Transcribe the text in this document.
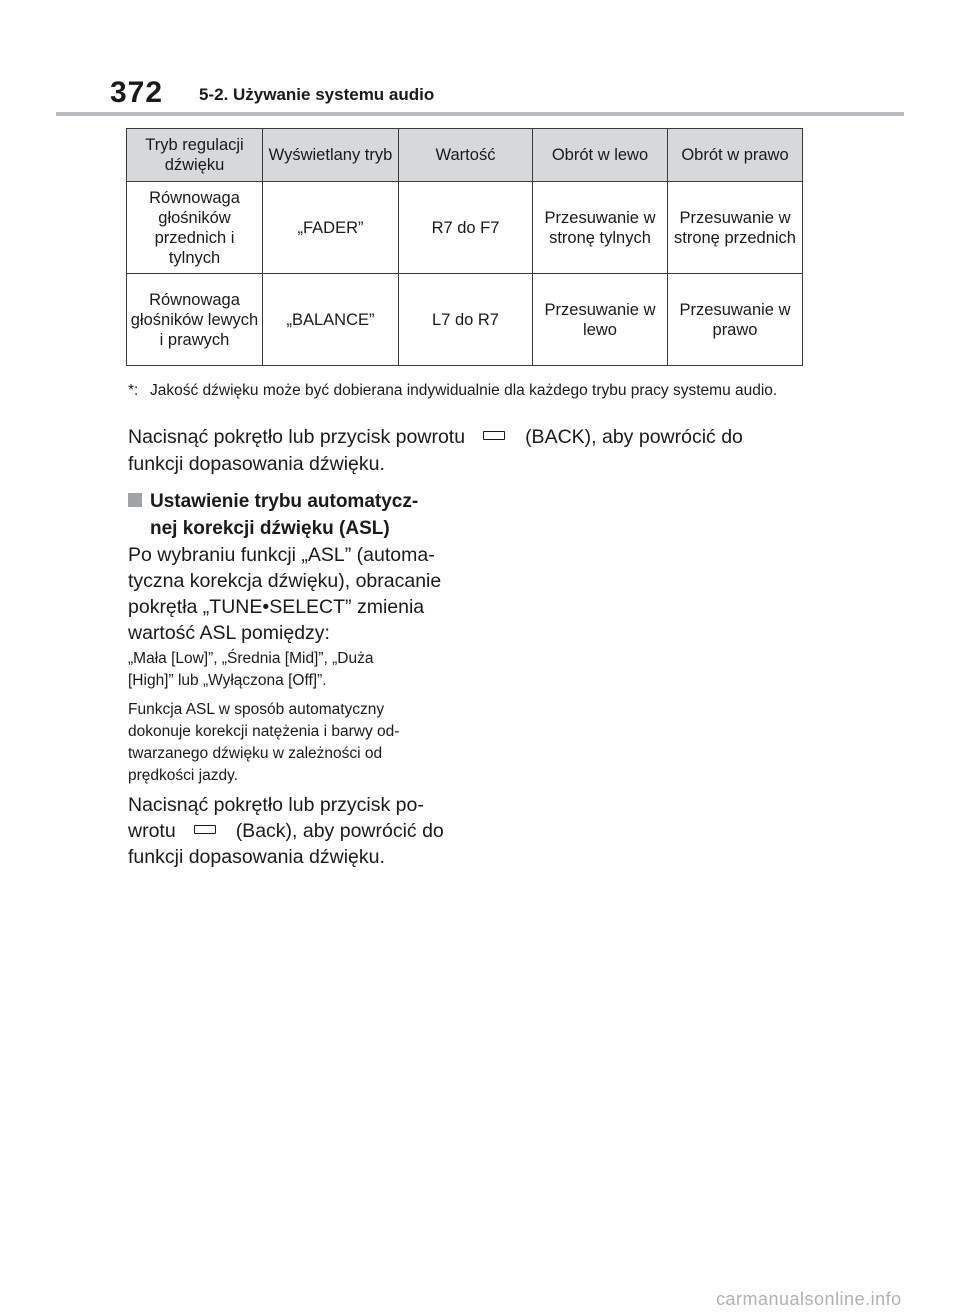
372 5-2. Używanie systemu audio
Tryb regulacji dźwięku	Wyświetlany tryb	Wartość	Obrót w lewo	Obrót w prawo
Równowaga głośników przednich i tylnych	„FADER”	R7 do F7	Przesuwanie w stronę tylnych	Przesuwanie w stronę przednich
Równowaga głośników lewych i prawych	„BALANCE”	L7 do R7	Przesuwanie w lewo	Przesuwanie w prawo
*: Jakość dźwięku może być dobierana indywidualnie dla każdego trybu pracy systemu audio.
Nacisnąć pokrętło lub przycisk powrotu	(BACK), aby powrócić do
funkcji dopasowania dźwięku.
Ustawienie trybu automatycz-
nej korekcji dźwięku (ASL)
Po wybraniu funkcji „ASL” (automa-
tyczna korekcja dźwięku), obracanie
pokrętła „TUNE•SELECT” zmienia
wartość ASL pomiędzy:
„Mała [Low]”, „Średnia [Mid]”, „Duża
[High]” lub „Wyłączona [Off]”.
Funkcja ASL w sposób automatyczny
dokonuje korekcji natężenia i barwy od-
twarzanego dźwięku w zależności od
prędkości jazdy.
Nacisnąć pokrętło lub przycisk po-
wrotu	(Back), aby powrócić do
funkcji dopasowania dźwięku.
carmanualsonline.info
